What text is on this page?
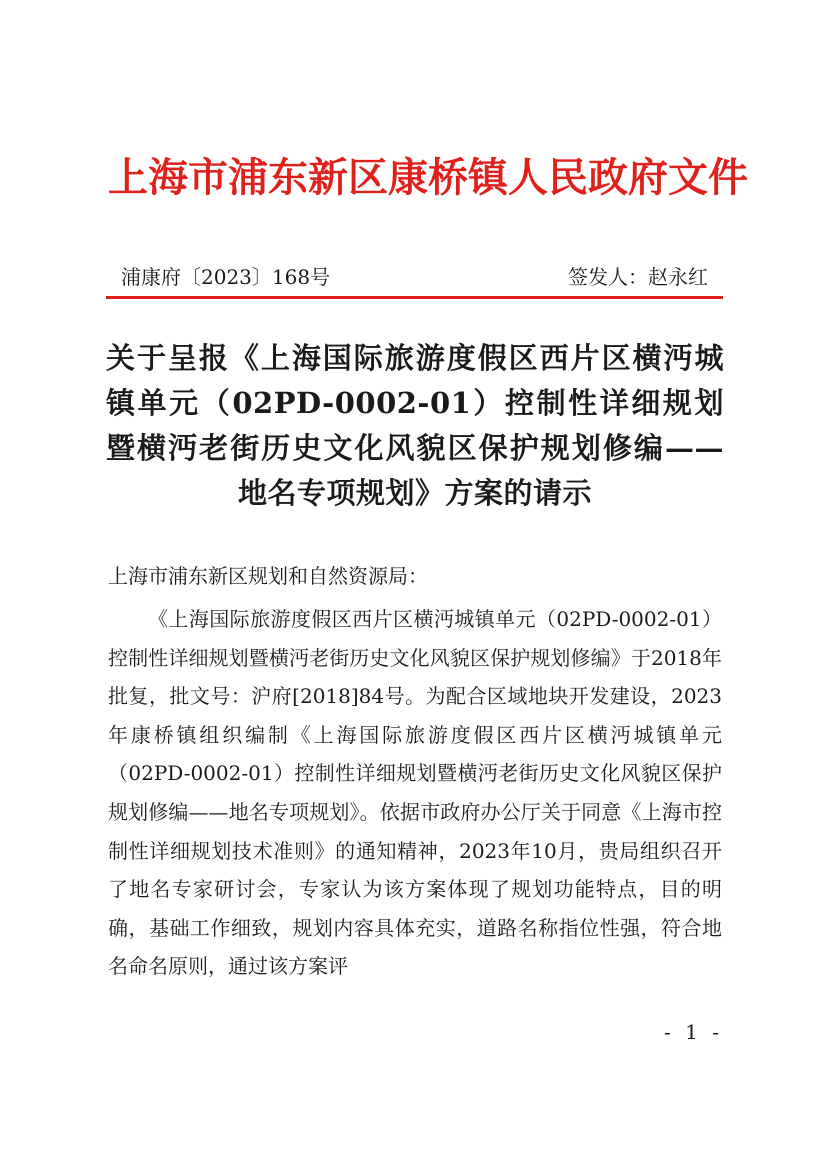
上海市浦东新区康桥镇人民政府文件
浦康府〔2023〕168号	签发人：赵永红
关于呈报《上海国际旅游度假区西片区横沔城镇单元（02PD-0002-01）控制性详细规划暨横沔老街历史文化风貌区保护规划修编——地名专项规划》方案的请示
上海市浦东新区规划和自然资源局：

《上海国际旅游度假区西片区横沔城镇单元（02PD-0002-01）控制性详细规划暨横沔老街历史文化风貌区保护规划修编》于2018年批复，批文号：沪府[2018]84号。为配合区域地块开发建设，2023年康桥镇组织编制《上海国际旅游度假区西片区横沔城镇单元（02PD-0002-01）控制性详细规划暨横沔老街历史文化风貌区保护规划修编——地名专项规划》。依据市政府办公厅关于同意《上海市控制性详细规划技术准则》的通知精神，2023年10月，贵局组织召开了地名专家研讨会，专家认为该方案体现了规划功能特点，目的明确，基础工作细致，规划内容具体充实，道路名称指位性强，符合地名命名原则，通过该方案评

- 1 -
